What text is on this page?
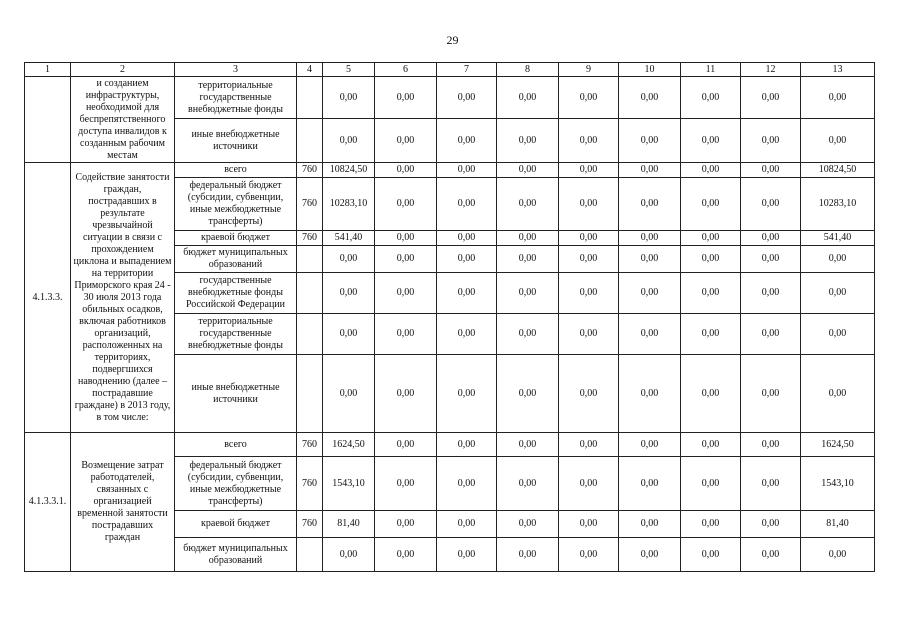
29
1	2	3	4	5	6	7	8	9	10	11	12	13
	и созданием инфраструктуры, необходимой для беспрепятственного доступа инвалидов к созданным рабочим местам	территориальные государственные внебюджетные фонды		0,00	0,00	0,00	0,00	0,00	0,00	0,00	0,00	0,00
		иные внебюджетные источники		0,00	0,00	0,00	0,00	0,00	0,00	0,00	0,00	0,00
4.1.3.3.	Содействие занятости граждан, пострадавших в результате чрезвычайной ситуации в связи с прохождением циклона и выпадением на территории Приморского края 24 - 30 июля 2013 года обильных осадков, включая работников организаций, расположенных на территориях, подвергшихся наводнению (далее – пострадавшие граждане) в 2013 году, в том числе:	всего	760	10824,50	0,00	0,00	0,00	0,00	0,00	0,00	0,00	10824,50
		федеральный бюджет (субсидии, субвенции, иные межбюджетные трансферты)	760	10283,10	0,00	0,00	0,00	0,00	0,00	0,00	0,00	10283,10
		краевой бюджет	760	541,40	0,00	0,00	0,00	0,00	0,00	0,00	0,00	541,40
		бюджет муниципальных образований		0,00	0,00	0,00	0,00	0,00	0,00	0,00	0,00	0,00
		государственные внебюджетные фонды Российской Федерации		0,00	0,00	0,00	0,00	0,00	0,00	0,00	0,00	0,00
		территориальные государственные внебюджетные фонды		0,00	0,00	0,00	0,00	0,00	0,00	0,00	0,00	0,00
		иные внебюджетные источники		0,00	0,00	0,00	0,00	0,00	0,00	0,00	0,00	0,00
4.1.3.3.1.	Возмещение затрат работодателей, связанных с организацией временной занятости пострадавших граждан	всего	760	1624,50	0,00	0,00	0,00	0,00	0,00	0,00	0,00	1624,50
		федеральный бюджет (субсидии, субвенции, иные межбюджетные трансферты)	760	1543,10	0,00	0,00	0,00	0,00	0,00	0,00	0,00	1543,10
		краевой бюджет	760	81,40	0,00	0,00	0,00	0,00	0,00	0,00	0,00	81,40
		бюджет муниципальных образований		0,00	0,00	0,00	0,00	0,00	0,00	0,00	0,00	0,00
